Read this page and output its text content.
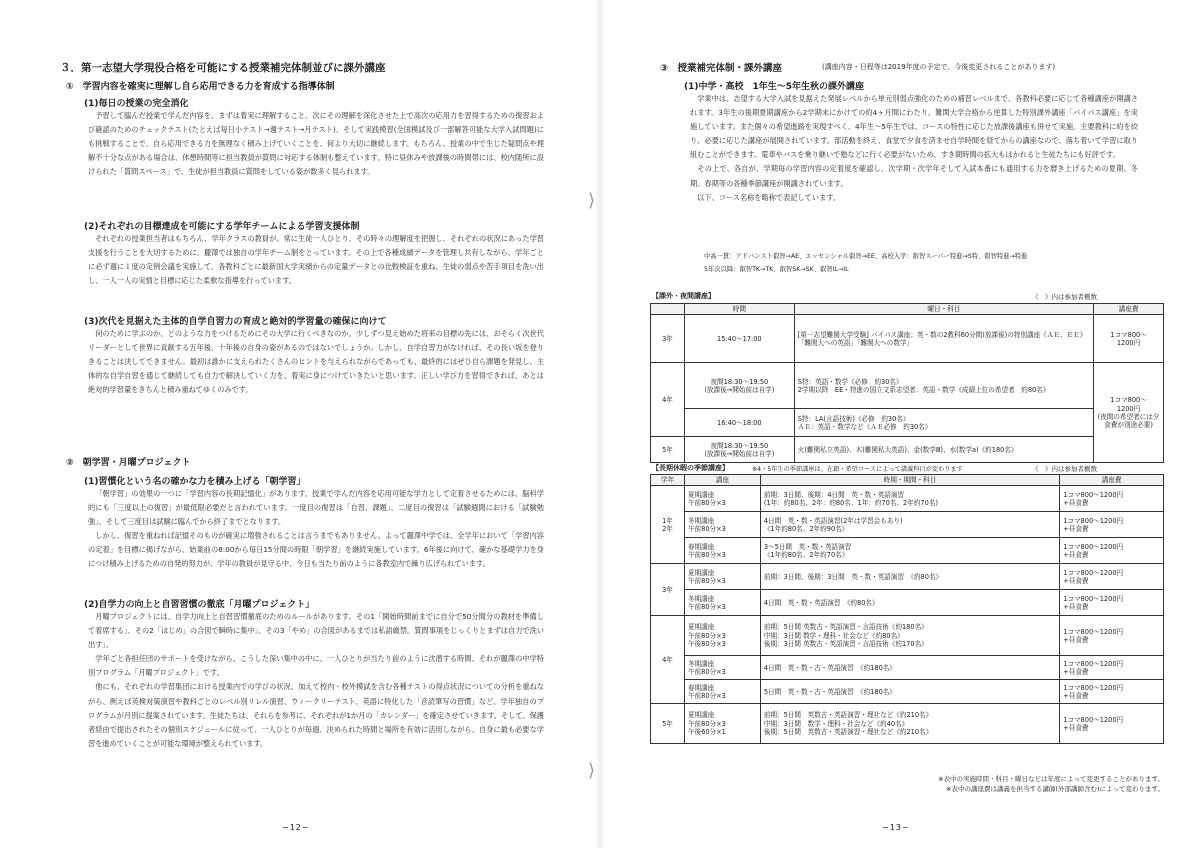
３．第一志望大学現役合格を可能にする授業補完体制並びに課外講座
①　学習内容を確実に理解し自ら応用できる力を育成する指導体制
(1)毎日の授業の完全消化

予習して臨んだ授業で学んだ内容を、まずは着実に理解すること。次にその理解を深化させた上で高次の応用力を習得するための復習および確認のためのチェックテスト(たとえば毎日小テスト→週テスト→月テスト)、そして実践模習(全国模試及び一部解答可能な大学入試問題)にも挑戦することで、自ら応用できる力を無理なく積み上げていくことを、何より大切に継続します。もちろん、授業の中で生じた疑問点や理解不十分な点がある場合は、休憩時間等に担当教員が質問に対応する体制も整えています。特に昼休みや放課後の時間帯には、校内随所に設けられた「質問スペース」で、生徒が担当教員に質問をしている姿が数多く見られます。

(2)それぞれの目標達成を可能にする学年チームによる学習支援体制

それぞれの授業担当者はもちろん、学年クラスの教員が、常に生徒一人ひとり、その時々の理解度を把握し、それぞれの状況にあった学習支援を行うことを大切するために、麗澤では独自の学年チーム制をとっています。その上で各種成績データを管理し共有しながら、学年ごとに必ず週に１度の定例会議を実施して、各教科ごとに最新国大学実績からの定量データとの比較検証を重ね、生徒の弱点や苦手項目を洗い出し、一人一人の実情と目標に応じた柔軟な指導を行っています。

(3)次代を見据えた主体的自学自習力の育成と絶対的学習量の確保に向けて

何のために学ぶのか、どのような力をつけるためにその大学に行くべきなのか。少しずつ見え始めた将来の目標の先には、おそらく次世代リーダーとして世界に貢献する五年後、十年後の自身の姿があるのではないでしょうか。しかし、自学自習力がなければ、その長い坂を登りきることは決してできません。最初は誰かに支えられたくさんのヒントを与えられながらであっても、最終的にはぜひ自ら課題を発見し、主体的な自学自習を通じて継続しても自力で解決していく力を、着実に身につけていきたいと思います。正しい学び方を習得できれば、あとは絶対的学習量をきちんと積み重ねてゆくのみです。

②　朝学習・月曜プロジェクト
(1)習慣化という名の確かな力を積み上げる「朝学習」

「朝学習」の効果の一つに「学習内容の長期記憶化」があります。授業で学んだ内容を応用可能な学力として定着させるためには、脳科学的にも「三度以上の復習」が最低限必要だと言われています。一度目の復習は「自習、課題」、二度目の復習は「試験週間における「試験勉強」、そして三度目は試験に臨んでから終了までとなります。
　しかし、復習を重ねれば記憶そのものが確実に増強されることは言うまでもありません。よって麗澤中学では、全学年において「学習内容の定着」を目標に掲げながら、始業前の8:00から毎日15分間の時限「朝学習」を継続実施しています。6年後に向けて、確かな基礎学力を身につけ積み上げるための自発的努力が、学年の教員が見守る中、今日も当たり前のように各教室内で繰り広げられています。

(2)自学力の向上と自習習慣の徹底「月曜プロジェクト」

月曜プロジェクトには、自学力向上と自習習慣徹底のためのルールがあります。その1「開始時間前までに自分で50分間分の教材を準備して着席する」、その2「はじめ」の合図で瞬時に集中」、その3「やめ」の合図があるまでは私語厳禁。質問事項をじっくりとまずは自力で洗い出す」。
　学年ごと各担任団のサポートを受けながら、こうした深い集中の中に、一人ひとりが当たり前のように沈潜する時間、それが麗澤の中学特別プログラム「月曜プロジェクト」です。
　他にも、それぞれの学習集団における授業内での学びの状況、加えて校内・校外模試を含む各種テストの得点状況についての分析を重ねながら、例えば英検対策演習や教科ごとのレベル別リレル演習、ウィークリーテスト、英語に特化した「音読筆写の習慣」など、学年独自のプログラムが月別に提案されています。生徒たちは、それらを参考に、それぞれが1か月の「カレンダー」を確定させていきます。そして、保護者経由で提出されたその個別スケジュールに従って、一人ひとりが毎週、決められた時間と場所を有効に活用しながら、自身に最も必要な学習を進めていくことが可能な環境が整えられています。

−12−
⟩
⟩
③　授業補完体制・課外講座	(講座内容・日程等は2019年度の予定で、今後変更されることがあります)
(1)中学・高校　1年生～5年生秋の課外講座

学業中は、志望する大学入試を見据えた発展レベルから単元別弱点強化のための補習レベルまで、各教科必要に応じて各種講座が開講されます。3年生の後期夏期講座から2学期末にかけての約4ヶ月間にわたり、難関大学合格から逆算した特別課外講座「バイパス講座」を実施しています。また個々の希望進路を実現すべく、4年生～5年生では、コースの特性に応じた放課後講座も併せて実施。主要教科に約を絞り、必要に応じた講座が展開されています。部活動を終え、食堂で夕食を済ませ自学時間を経てからの講座なので、落ち着いて学習に取り組むことができます。電車やバスを乗り継いで塾などに行く必要がないため、すき間時間の拡大もはかれると生徒たちにも好評です。
　その上で、各自が、学期毎の学習内容の定着度を確認し、次学期・次学年そして入試本番にも通用する力を磨き上げるための夏期、冬期、春期等の各種季節講座が開講されています。
　以下、コース名称を略称で表記しています。

中高一貫：アドバンスト叡智→AE、エッセンシャル叡智→EE、高校入学：叡智スーパー特進→S特、叡智特進→特進
5年次以降：叡智TK→TK、叡智SK→SK、叡智IL→IL
【課外・夜間講座】	《　》内は参加者概数
	時間	曜日・科目	講座費
3年	15:40～17:00	[第一志望難関大学受験] バイパス講座；英・数の2教科60分間(放課後)の特別講座《ＡＥ、ＥＥ》
「難関大への英語」「難関大への数学」	1コマ800～
1200円
4年	夜間18:30～19:50
(放課後→開始前は自学)	S特：英語・数学《必修　約30名》
2学期以降　EE・特進の国立文系志望者：英語・数学《成績上位の希望者　約80名》	1コマ800～
1200円
(夜間の希望者には夕食費が別途必要)
	16:40～18:00	S特：LA(言語技術)《必修　約30名》
ＡＥ：英語・数学など《ＡＥ必修　約30名》	
5年	夜間18:30～19:50
(放課後→開始前は自学)	火(難関私立英語)、木(難関私大英語)、金(数学Ⅲ)、水(数学a)《約180名》	
【長期休暇の季節講座】	※4・5年生の季節講座は、在籍・希望コースによって講義科目が変わります	《　》内は参加者概数
学年	講座	時期・期間・科目	講座費
1年
2年	夏期講座
午前80分×3	前期：3日間、後期：4日間　英・数・英語演習
(1年：約80名、2年：約80名、1年：約70名、2年約70名)	1コマ800～1200円
+昼食費
	冬期講座
午前80分×3	4日間　英・数・英語演習(2年は学習会もあり)
《1年約80名、2年約90名》	1コマ800～1200円
+昼食費
	春期講座
午前80分×3	3～5日間　英・数・英語演習
《1年約80名、2年約70名》	1コマ800～1200円
+昼食費
3年	夏期講座
午前80分×3	前期：3日間、後期：3日間　英・数・英語演習　《約80名》	1コマ800～1200円
+昼食費
	冬期講座
午前80分×3	4日間　英・数・英語演習　《約80名》	1コマ800～1200円
+昼食費
4年	夏期講座
午前80分×3
午後80分×3	前期：5日間 英数古・英語演習・言語技術《約180名》
中期：3日間 数学・理科・社会など《約80名》
後期：3日間 英数古・英語演習・言語技術《約170名》	1コマ800～1200円
+昼食費
	冬期講座
午前80分×3	4日間　英・数・古・英語演習　《約180名》	1コマ800～1200円
+昼食費
	春期講座
午前80分×3	5日間　英・数・古・英語演習　《約180名》	1コマ800～1200円
+昼食費
5年	夏期講座
午前80分×3
午後60分×1	前期：5日間　英数古・英語演習・理社など《約210名》
中期：3日間　数学・理科・社会など《約40名》
後期：5日間　英数古・英語演習・理社など《約210名》	1コマ800～1200円
+昼食費
※表中の実施時間・科目・曜日などは年度によって変更することがあります。
※表中の講座費は講義を担当する講師(外部講師含む)によって変わります。
−13−
